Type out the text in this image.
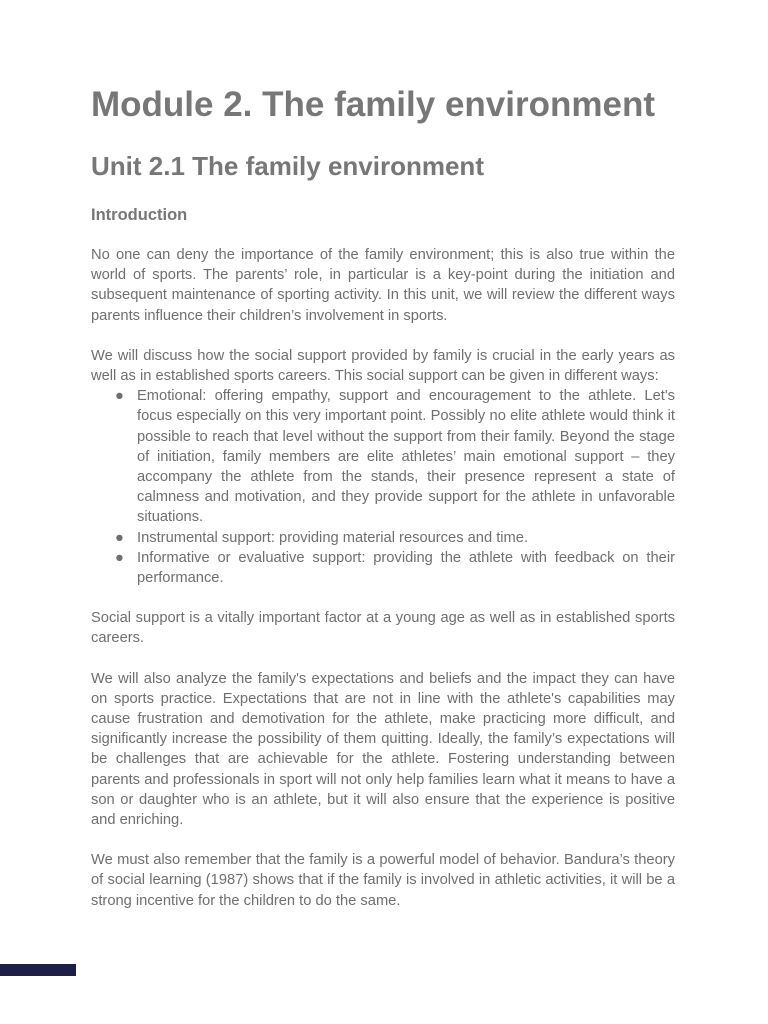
Module 2. The family environment
Unit 2.1 The family environment
Introduction

No one can deny the importance of the family environment; this is also true within the world of sports. The parents’ role, in particular is a key-point during the initiation and subsequent maintenance of sporting activity. In this unit, we will review the different ways parents influence their children’s involvement in sports.

We will discuss how the social support provided by family is crucial in the early years as well as in established sports careers. This social support can be given in different ways:

● Emotional: offering empathy, support and encouragement to the athlete. Let's focus especially on this very important point. Possibly no elite athlete would think it possible to reach that level without the support from their family. Beyond the stage of initiation, family members are elite athletes’ main emotional support – they accompany the athlete from the stands, their presence represent a state of calmness and motivation, and they provide support for the athlete in unfavorable situations.
● Instrumental support: providing material resources and time.
● Informative or evaluative support: providing the athlete with feedback on their performance.

Social support is a vitally important factor at a young age as well as in established sports careers.

We will also analyze the family's expectations and beliefs and the impact they can have on sports practice. Expectations that are not in line with the athlete's capabilities may cause frustration and demotivation for the athlete, make practicing more difficult, and significantly increase the possibility of them quitting. Ideally, the family’s expectations will be challenges that are achievable for the athlete. Fostering understanding between parents and professionals in sport will not only help families learn what it means to have a son or daughter who is an athlete, but it will also ensure that the experience is positive and enriching.

We must also remember that the family is a powerful model of behavior. Bandura’s theory of social learning (1987) shows that if the family is involved in athletic activities, it will be a strong incentive for the children to do the same.
